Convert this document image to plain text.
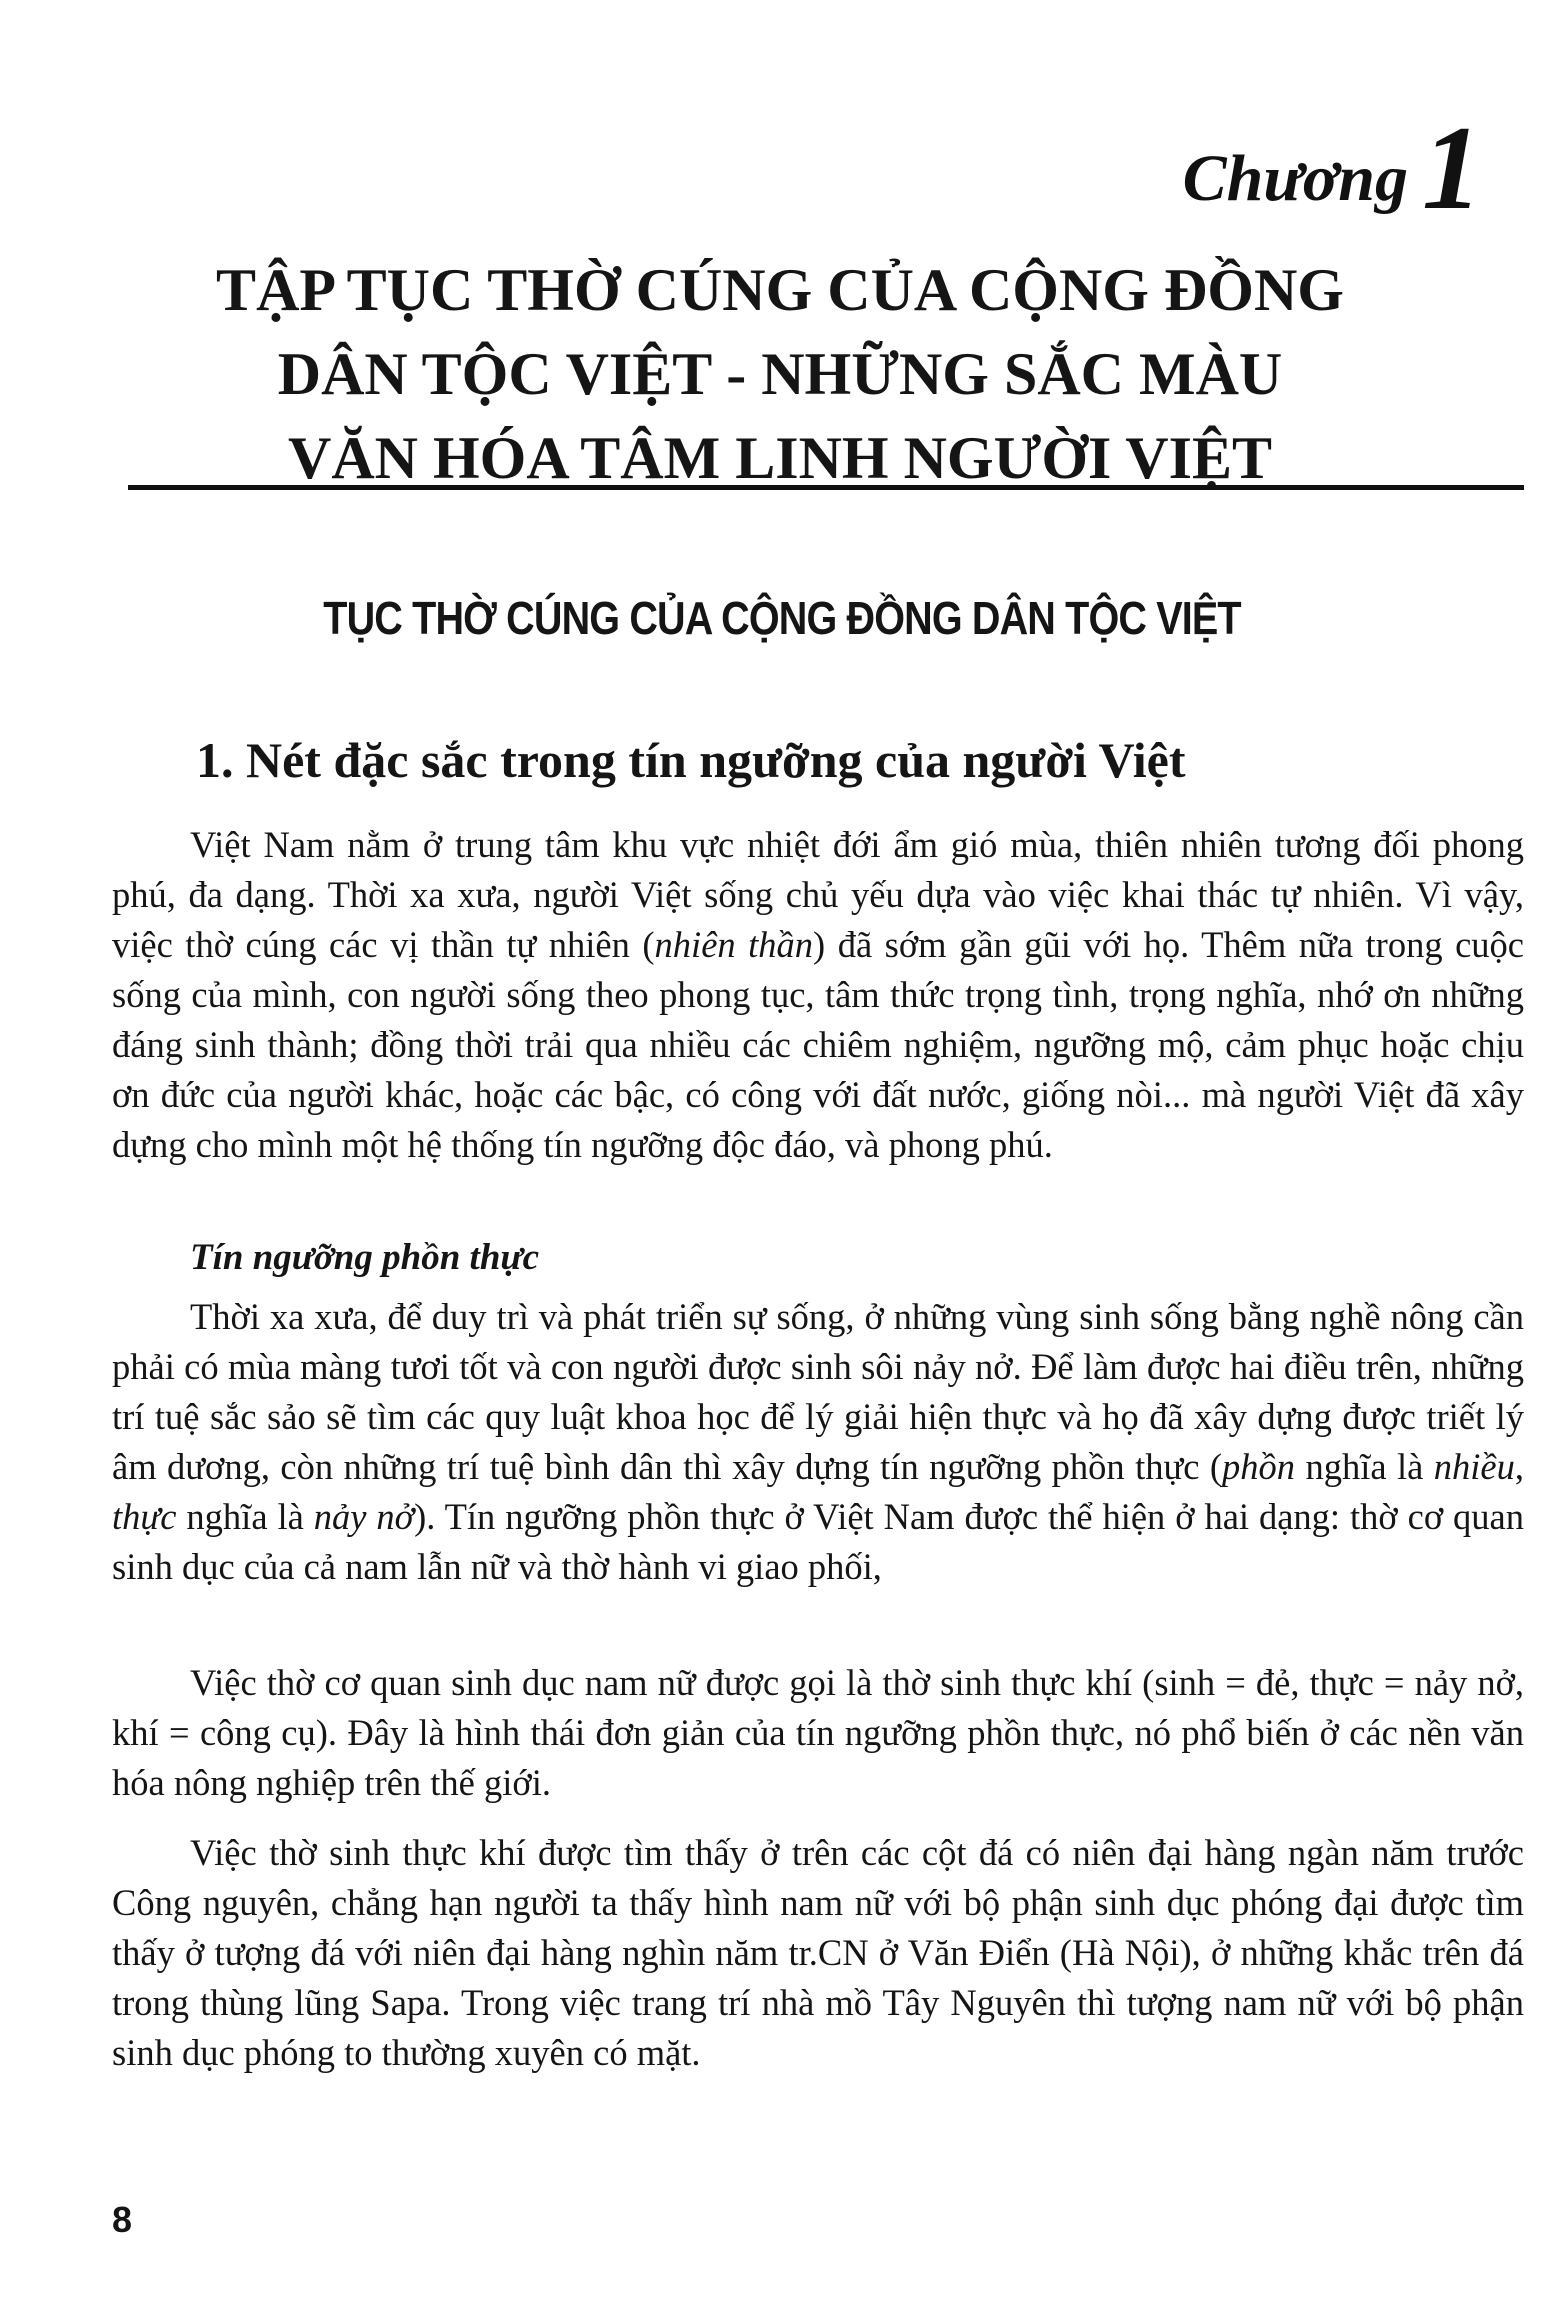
Chương 1
TẬP TỤC THỜ CÚNG CỦA CỘNG ĐỒNG
DÂN TỘC VIỆT - NHỮNG SẮC MÀU
VĂN HÓA TÂM LINH NGƯỜI VIỆT
TỤC THỜ CÚNG CỦA CỘNG ĐỒNG DÂN TỘC VIỆT
1. Nét đặc sắc trong tín ngưỡng của người Việt

Việt Nam nằm ở trung tâm khu vực nhiệt đới ẩm gió mùa, thiên nhiên tương đối phong phú, đa dạng. Thời xa xưa, người Việt sống chủ yếu dựa vào việc khai thác tự nhiên. Vì vậy, việc thờ cúng các vị thần tự nhiên (nhiên thần) đã sớm gần gũi với họ. Thêm nữa trong cuộc sống của mình, con người sống theo phong tục, tâm thức trọng tình, trọng nghĩa, nhớ ơn những đáng sinh thành; đồng thời trải qua nhiều các chiêm nghiệm, ngưỡng mộ, cảm phục hoặc chịu ơn đức của người khác, hoặc các bậc, có công với đất nước, giống nòi... mà người Việt đã xây dựng cho mình một hệ thống tín ngưỡng độc đáo, và phong phú.

Tín ngưỡng phồn thực

Thời xa xưa, để duy trì và phát triển sự sống, ở những vùng sinh sống bằng nghề nông cần phải có mùa màng tươi tốt và con người được sinh sôi nảy nở. Để làm được hai điều trên, những trí tuệ sắc sảo sẽ tìm các quy luật khoa học để lý giải hiện thực và họ đã xây dựng được triết lý âm dương, còn những trí tuệ bình dân thì xây dựng tín ngưỡng phồn thực (phồn nghĩa là nhiều, thực nghĩa là nảy nở). Tín ngưỡng phồn thực ở Việt Nam được thể hiện ở hai dạng: thờ cơ quan sinh dục của cả nam lẫn nữ và thờ hành vi giao phối,

Việc thờ cơ quan sinh dục nam nữ được gọi là thờ sinh thực khí (sinh = đẻ, thực = nảy nở, khí = công cụ). Đây là hình thái đơn giản của tín ngưỡng phồn thực, nó phổ biến ở các nền văn hóa nông nghiệp trên thế giới.

Việc thờ sinh thực khí được tìm thấy ở trên các cột đá có niên đại hàng ngàn năm trước Công nguyên, chẳng hạn người ta thấy hình nam nữ với bộ phận sinh dục phóng đại được tìm thấy ở tượng đá với niên đại hàng nghìn năm tr.CN ở Văn Điển (Hà Nội), ở những khắc trên đá trong thùng lũng Sapa. Trong việc trang trí nhà mồ Tây Nguyên thì tượng nam nữ với bộ phận sinh dục phóng to thường xuyên có mặt.

8
